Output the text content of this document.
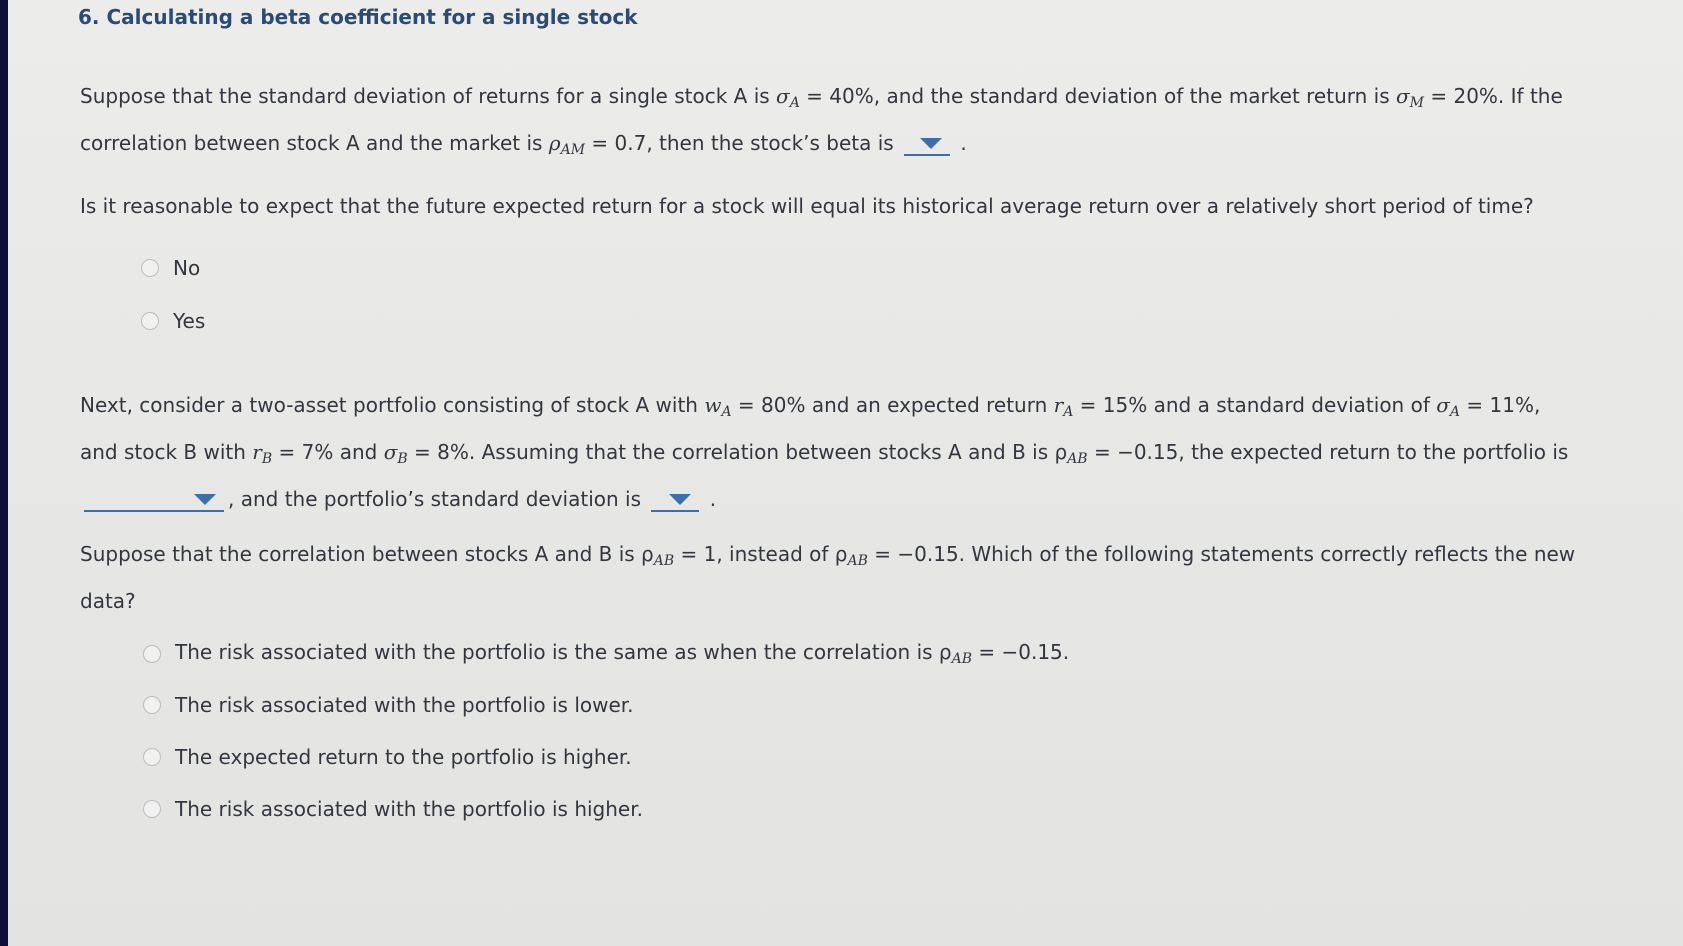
6. Calculating a beta coefficient for a single stock
Suppose that the standard deviation of returns for a single stock A is $\sigma_A = 40\%$, and the standard deviation of the market return is $\sigma_M = 20\%$. If the correlation between stock A and the market is $\rho_{AM} = 0.7$, then the stock’s beta is	.
Is it reasonable to expect that the future expected return for a stock will equal its historical average return over a relatively short period of time?
No
Yes
Next, consider a two-asset portfolio consisting of stock A with $w_A = 80\%$ and an expected return $r_A = 15\%$ and a standard deviation of $\sigma_A = 11\%$, and stock B with $r_B = 7\%$ and $\sigma_B = 8\%$. Assuming that the correlation between stocks A and B is $\rho_{AB} = -0.15$, the expected return to the portfolio is
, and the portfolio’s standard deviation is	.
Suppose that the correlation between stocks A and B is $\rho_{AB} = 1$, instead of $\rho_{AB} = -0.15$. Which of the following statements correctly reflects the new data?
The risk associated with the portfolio is the same as when the correlation is $\rho_{AB} = -0.15$.
The risk associated with the portfolio is lower.
The expected return to the portfolio is higher.
The risk associated with the portfolio is higher.
